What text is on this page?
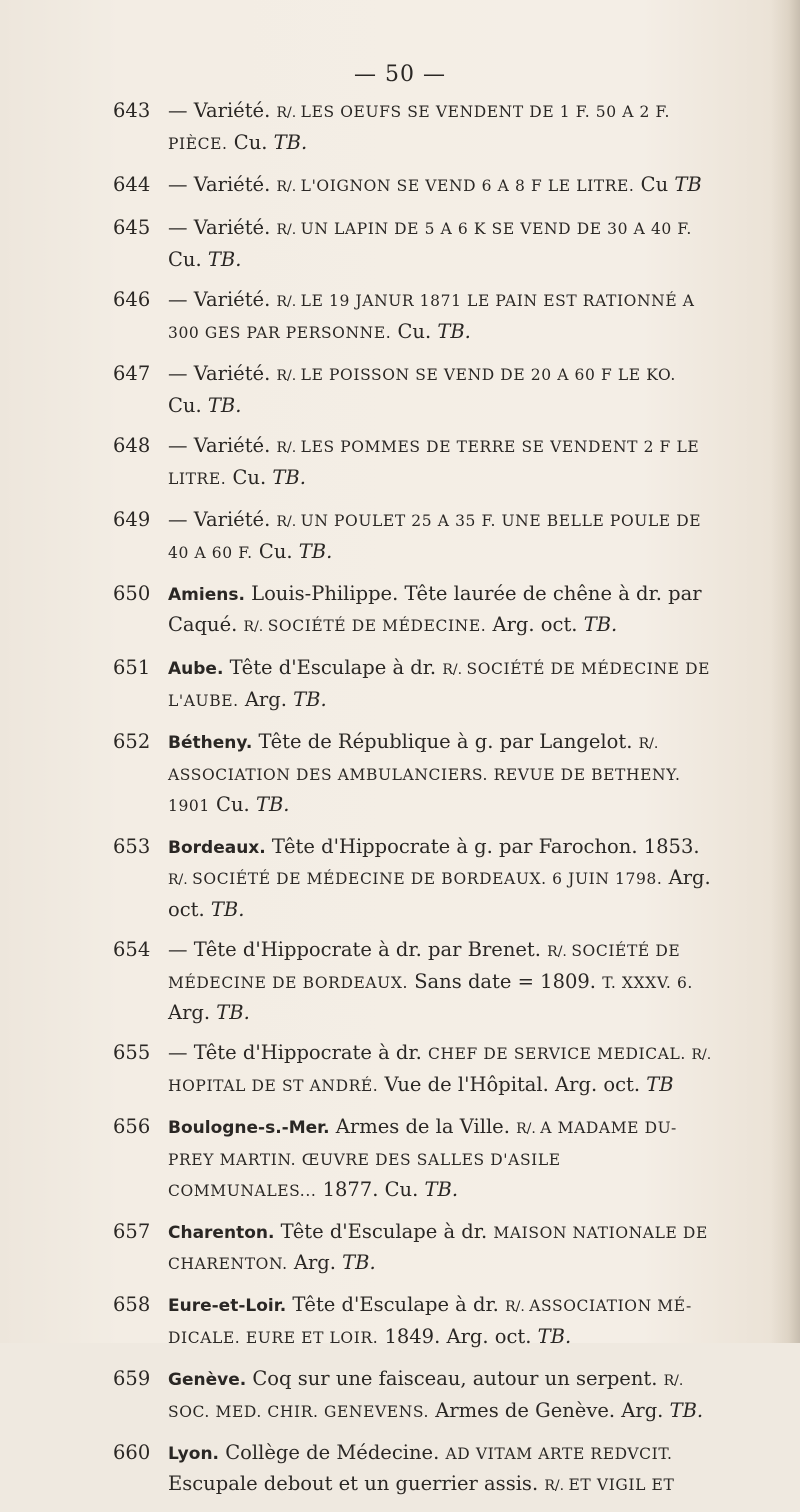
— 50 —
643 — Variété. R/. LES OEUFS SE VENDENT DE 1 F. 50 A 2 F. PIÈCE. Cu. TB.
644 — Variété. R/. L'OIGNON SE VEND 6 A 8 F LE LITRE. Cu TB
645 — Variété. R/. UN LAPIN DE 5 A 6 K SE VEND DE 30 A 40 F. Cu. TB.
646 — Variété. R/. LE 19 JANUR 1871 LE PAIN EST RATIONNÉ A 300 GES PAR PERSONNE. Cu. TB.
647 — Variété. R/. LE POISSON SE VEND DE 20 A 60 F LE KO. Cu. TB.
648 — Variété. R/. LES POMMES DE TERRE SE VENDENT 2 F LE LITRE. Cu. TB.
649 — Variété. R/. UN POULET 25 A 35 F. UNE BELLE POULE DE 40 A 60 F. Cu. TB.
650 Amiens. Louis-Philippe. Tête laurée de chêne à dr. par Caqué. R/. SOCIÉTÉ DE MÉDECINE. Arg. oct. TB.
651 Aube. Tête d'Esculape à dr. R/. SOCIÉTÉ DE MÉDECINE DE L'AUBE. Arg. TB.
652 Bétheny. Tête de République à g. par Langelot. R/. ASSOCIATION DES AMBULANCIERS. REVUE DE BETHENY. 1901 Cu. TB.
653 Bordeaux. Tête d'Hippocrate à g. par Farochon. 1853. R/. SOCIÉTÉ DE MÉDECINE DE BORDEAUX. 6 JUIN 1798. Arg. oct. TB.
654 — Tête d'Hippocrate à dr. par Brenet. R/. SOCIÉTÉ DE MÉDECINE DE BORDEAUX. Sans date = 1809. T. XXXV. 6. Arg. TB.
655 — Tête d'Hippocrate à dr. CHEF DE SERVICE MEDICAL. R/. HOPITAL DE ST ANDRÉ. Vue de l'Hôpital. Arg. oct. TB
656 Boulogne-s.-Mer. Armes de la Ville. R/. A MADAME DU-PREY MARTIN. ŒUVRE DES SALLES D'ASILE COMMUNALES... 1877. Cu. TB.
657 Charenton. Tête d'Esculape à dr. MAISON NATIONALE DE CHARENTON. Arg. TB.
658 Eure-et-Loir. Tête d'Esculape à dr. R/. ASSOCIATION MÉ-DICALE. EURE ET LOIR. 1849. Arg. oct. TB.
659 Genève. Coq sur une faisceau, autour un serpent. R/. SOC. MED. CHIR. GENEVENS. Armes de Genève. Arg. TB.
660 Lyon. Collège de Médecine. AD VITAM ARTE REDVCIT. Escupale debout et un guerrier assis. R/. ET VIGIL ET
